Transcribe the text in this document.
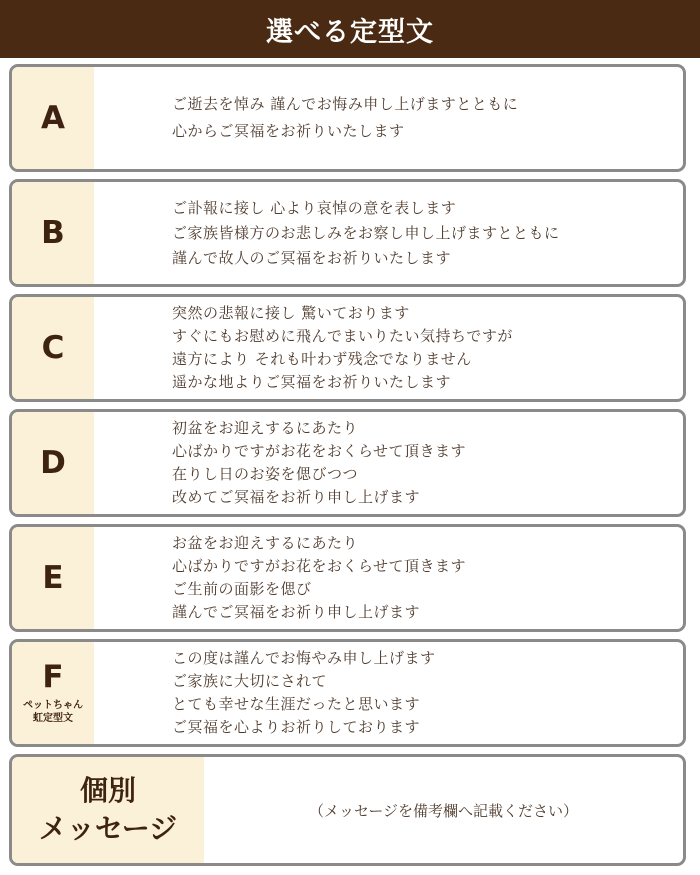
選べる定型文
A	ご逝去を悼み 謹んでお悔み申し上げますとともに
心からご冥福をお祈りいたします
B
ご訃報に接し 心より哀悼の意を表します
ご家族皆様方のお悲しみをお察し申し上げますとともに
謹んで故人のご冥福をお祈りいたします
C
突然の悲報に接し 驚いております
すぐにもお慰めに飛んでまいりたい気持ちですが
遠方により それも叶わず残念でなりません
遥かな地よりご冥福をお祈りいたします
D
初盆をお迎えするにあたり
心ばかりですがお花をおくらせて頂きます
在りし日のお姿を偲びつつ
改めてご冥福をお祈り申し上げます
E
お盆をお迎えするにあたり
心ばかりですがお花をおくらせて頂きます
ご生前の面影を偲び
謹んでご冥福をお祈り申し上げます
F
ペットちゃん
虹定型文
この度は謹んでお悔やみ申し上げます
ご家族に大切にされて
とても幸せな生涯だったと思います
ご冥福を心よりお祈りしております
個別
メッセージ
（メッセージを備考欄へ記載ください）
